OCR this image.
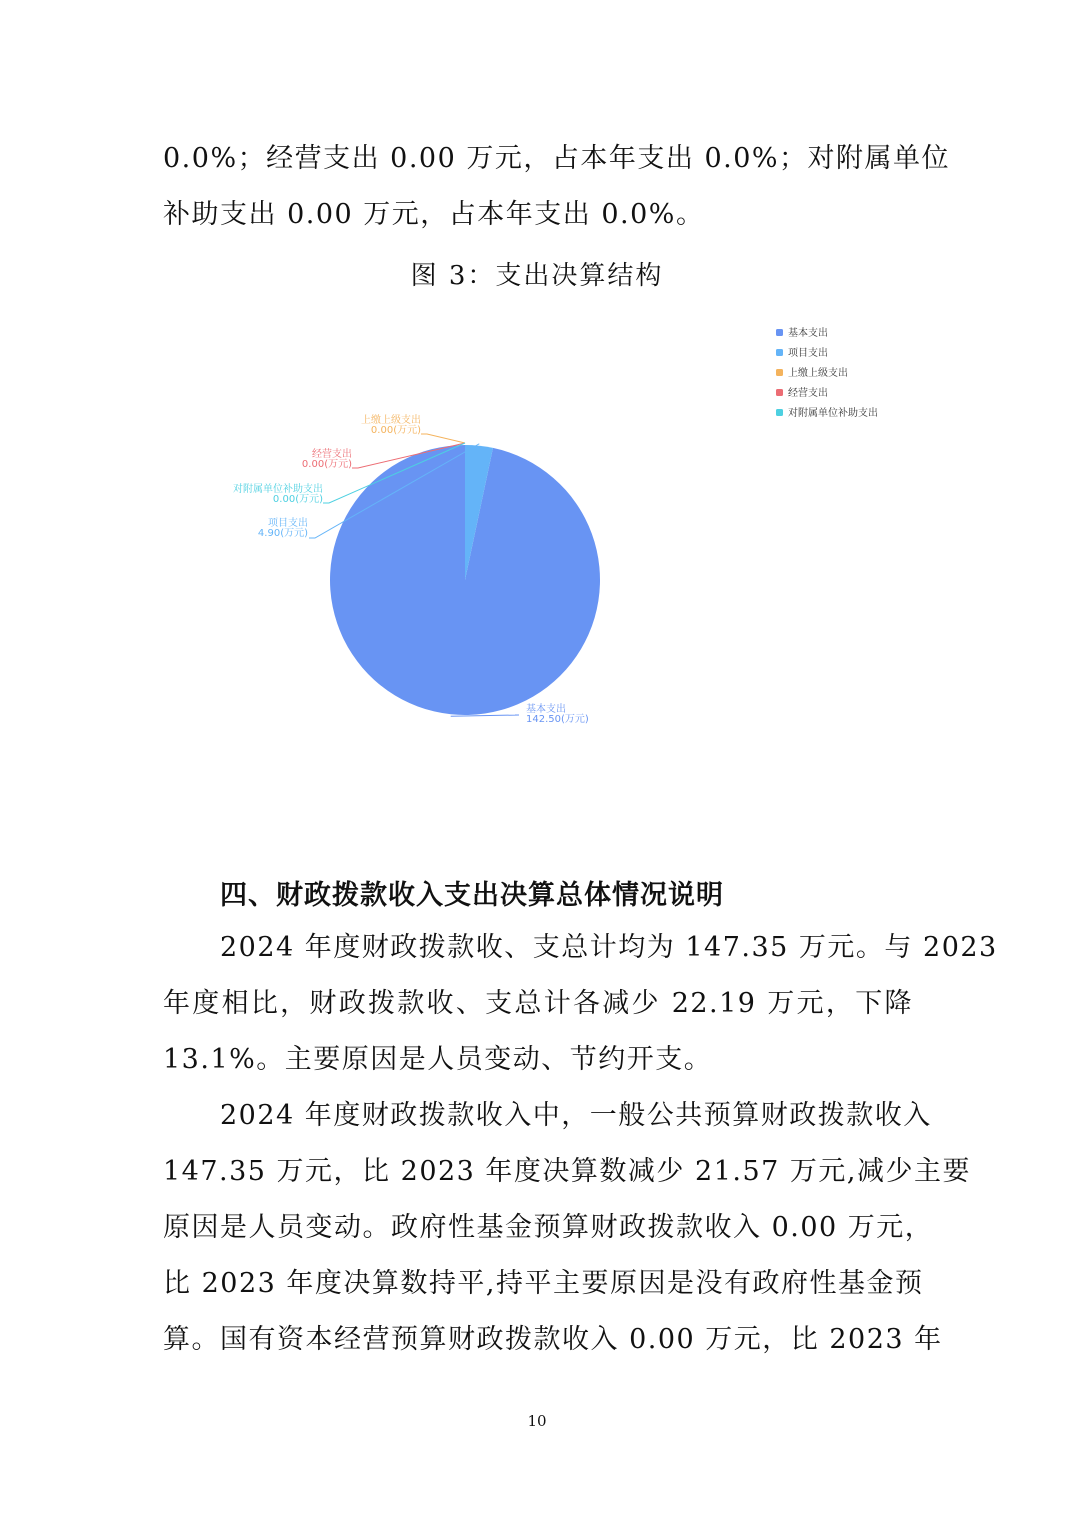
0.0%；经营支出 0.00 万元，占本年支出 0.0%；对附属单位
补助支出 0.00 万元，占本年支出 0.0%。
图 3：支出决算结构
基本支出
项目支出
上缴上级支出
经营支出
对附属单位补助支出
基本支出
142.50(万元)
项目支出
4.90(万元)
上缴上级支出
0.00(万元)
经营支出
0.00(万元)
对附属单位补助支出
0.00(万元)
四、财政拨款收入支出决算总体情况说明
2024 年度财政拨款收、支总计均为 147.35 万元。与 2023
年度相比，财政拨款收、支总计各减少 22.19 万元，下降
13.1%。主要原因是人员变动、节约开支。
2024 年度财政拨款收入中，一般公共预算财政拨款收入
147.35 万元，比 2023 年度决算数减少 21.57 万元,减少主要
原因是人员变动。政府性基金预算财政拨款收入 0.00 万元，
比 2023 年度决算数持平,持平主要原因是没有政府性基金预
算。国有资本经营预算财政拨款收入 0.00 万元，比 2023 年
10
